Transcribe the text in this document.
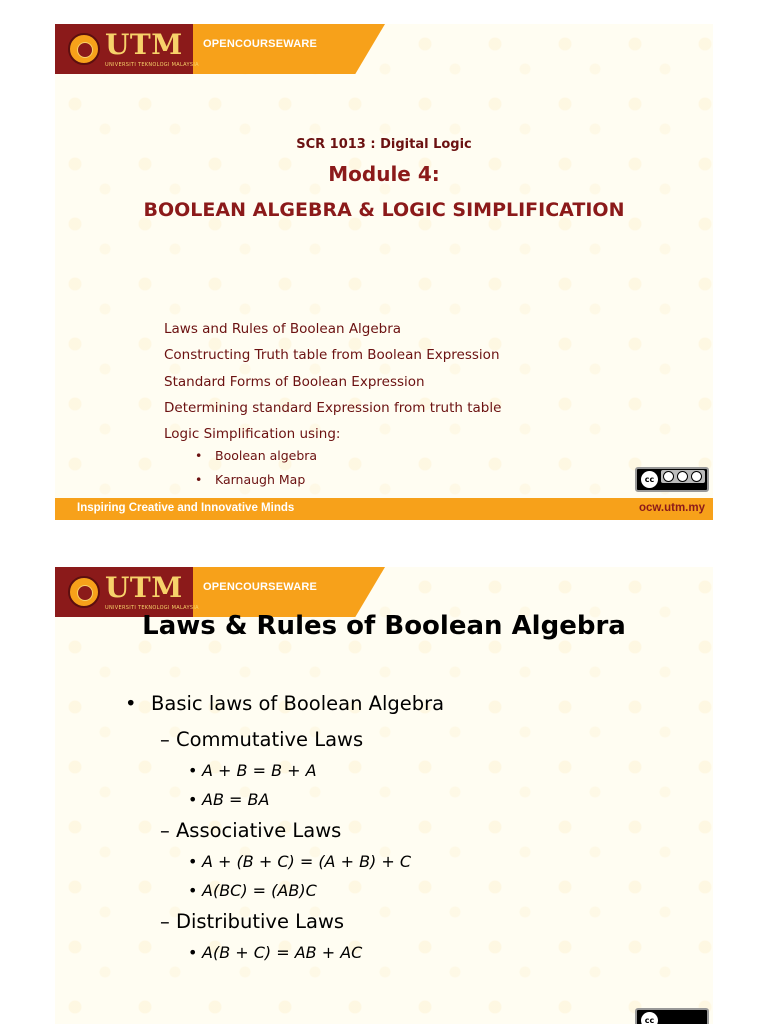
UTM
UNIVERSITI TEKNOLOGI MALAYSIA
OPENCOURSEWARE
SCR 1013 : Digital Logic
Module 4:
BOOLEAN ALGEBRA & LOGIC SIMPLIFICATION
Laws and Rules of Boolean Algebra
Constructing Truth table from Boolean Expression
Standard Forms of Boolean Expression
Determining standard Expression from truth table
Logic Simplification using:
• Boolean algebra
• Karnaugh Map	cc
Inspiring Creative and Innovative Minds	ocw.utm.my
UTM
UNIVERSITI TEKNOLOGI MALAYSIA
OPENCOURSEWARE
Laws & Rules of Boolean Algebra
• Basic laws of Boolean Algebra
– Commutative Laws
• A + B = B + A
• AB = BA
– Associative Laws
• A + (B + C) = (A + B) + C
• A(BC) = (AB)C
– Distributive Laws
• A(B + C) = AB + AC
cc
